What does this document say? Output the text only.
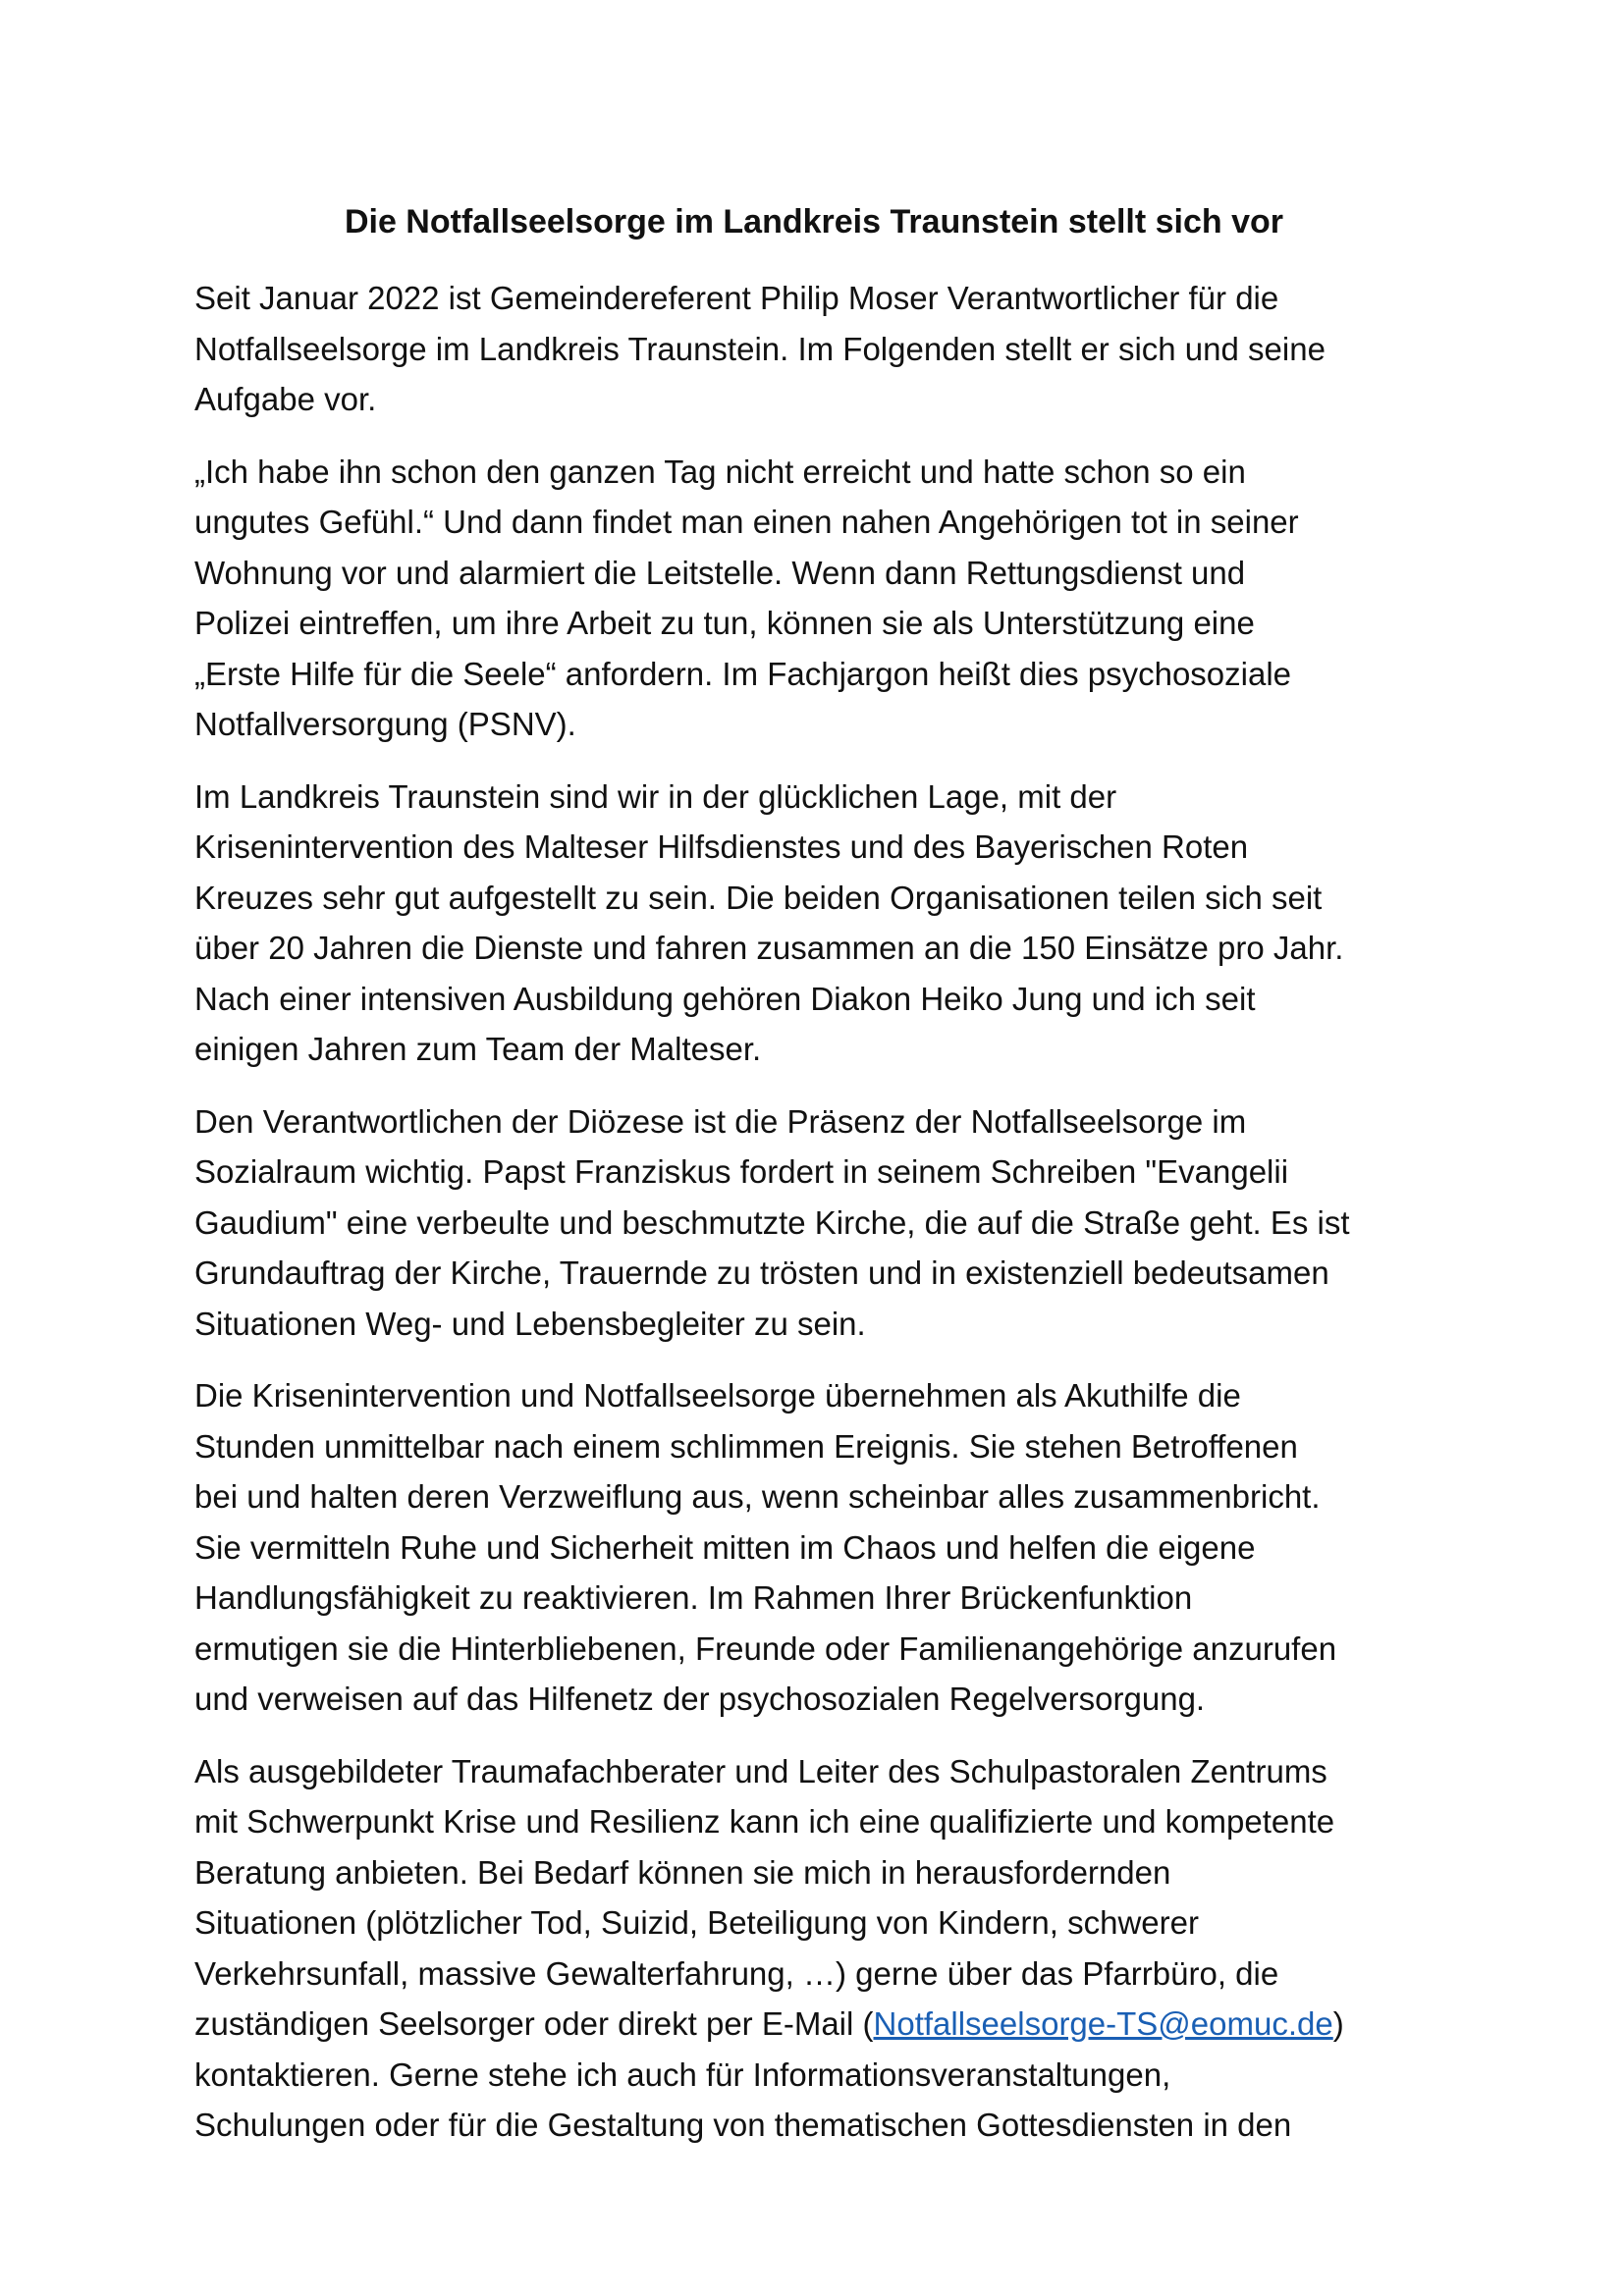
Die Notfallseelsorge im Landkreis Traunstein stellt sich vor

Seit Januar 2022 ist Gemeindereferent Philip Moser Verantwortlicher für die
Notfallseelsorge im Landkreis Traunstein. Im Folgenden stellt er sich und seine
Aufgabe vor.

„Ich habe ihn schon den ganzen Tag nicht erreicht und hatte schon so ein
ungutes Gefühl.“ Und dann findet man einen nahen Angehörigen tot in seiner
Wohnung vor und alarmiert die Leitstelle. Wenn dann Rettungsdienst und
Polizei eintreffen, um ihre Arbeit zu tun, können sie als Unterstützung eine
„Erste Hilfe für die Seele“ anfordern. Im Fachjargon heißt dies psychosoziale
Notfallversorgung (PSNV).

Im Landkreis Traunstein sind wir in der glücklichen Lage, mit der
Krisenintervention des Malteser Hilfsdienstes und des Bayerischen Roten
Kreuzes sehr gut aufgestellt zu sein. Die beiden Organisationen teilen sich seit
über 20 Jahren die Dienste und fahren zusammen an die 150 Einsätze pro Jahr.
Nach einer intensiven Ausbildung gehören Diakon Heiko Jung und ich seit
einigen Jahren zum Team der Malteser.

Den Verantwortlichen der Diözese ist die Präsenz der Notfallseelsorge im
Sozialraum wichtig. Papst Franziskus fordert in seinem Schreiben "Evangelii
Gaudium" eine verbeulte und beschmutzte Kirche, die auf die Straße geht. Es ist
Grundauftrag der Kirche, Trauernde zu trösten und in existenziell bedeutsamen
Situationen Weg- und Lebensbegleiter zu sein.

Die Krisenintervention und Notfallseelsorge übernehmen als Akuthilfe die
Stunden unmittelbar nach einem schlimmen Ereignis. Sie stehen Betroffenen
bei und halten deren Verzweiflung aus, wenn scheinbar alles zusammenbricht.
Sie vermitteln Ruhe und Sicherheit mitten im Chaos und helfen die eigene
Handlungsfähigkeit zu reaktivieren. Im Rahmen Ihrer Brückenfunktion
ermutigen sie die Hinterbliebenen, Freunde oder Familienangehörige anzurufen
und verweisen auf das Hilfenetz der psychosozialen Regelversorgung.

Als ausgebildeter Traumafachberater und Leiter des Schulpastoralen Zentrums
mit Schwerpunkt Krise und Resilienz kann ich eine qualifizierte und kompetente
Beratung anbieten. Bei Bedarf können sie mich in herausfordernden
Situationen (plötzlicher Tod, Suizid, Beteiligung von Kindern, schwerer
Verkehrsunfall, massive Gewalterfahrung, …) gerne über das Pfarrbüro, die
zuständigen Seelsorger oder direkt per E-Mail (Notfallseelsorge-TS@eomuc.de)
kontaktieren. Gerne stehe ich auch für Informationsveranstaltungen,
Schulungen oder für die Gestaltung von thematischen Gottesdiensten in den
